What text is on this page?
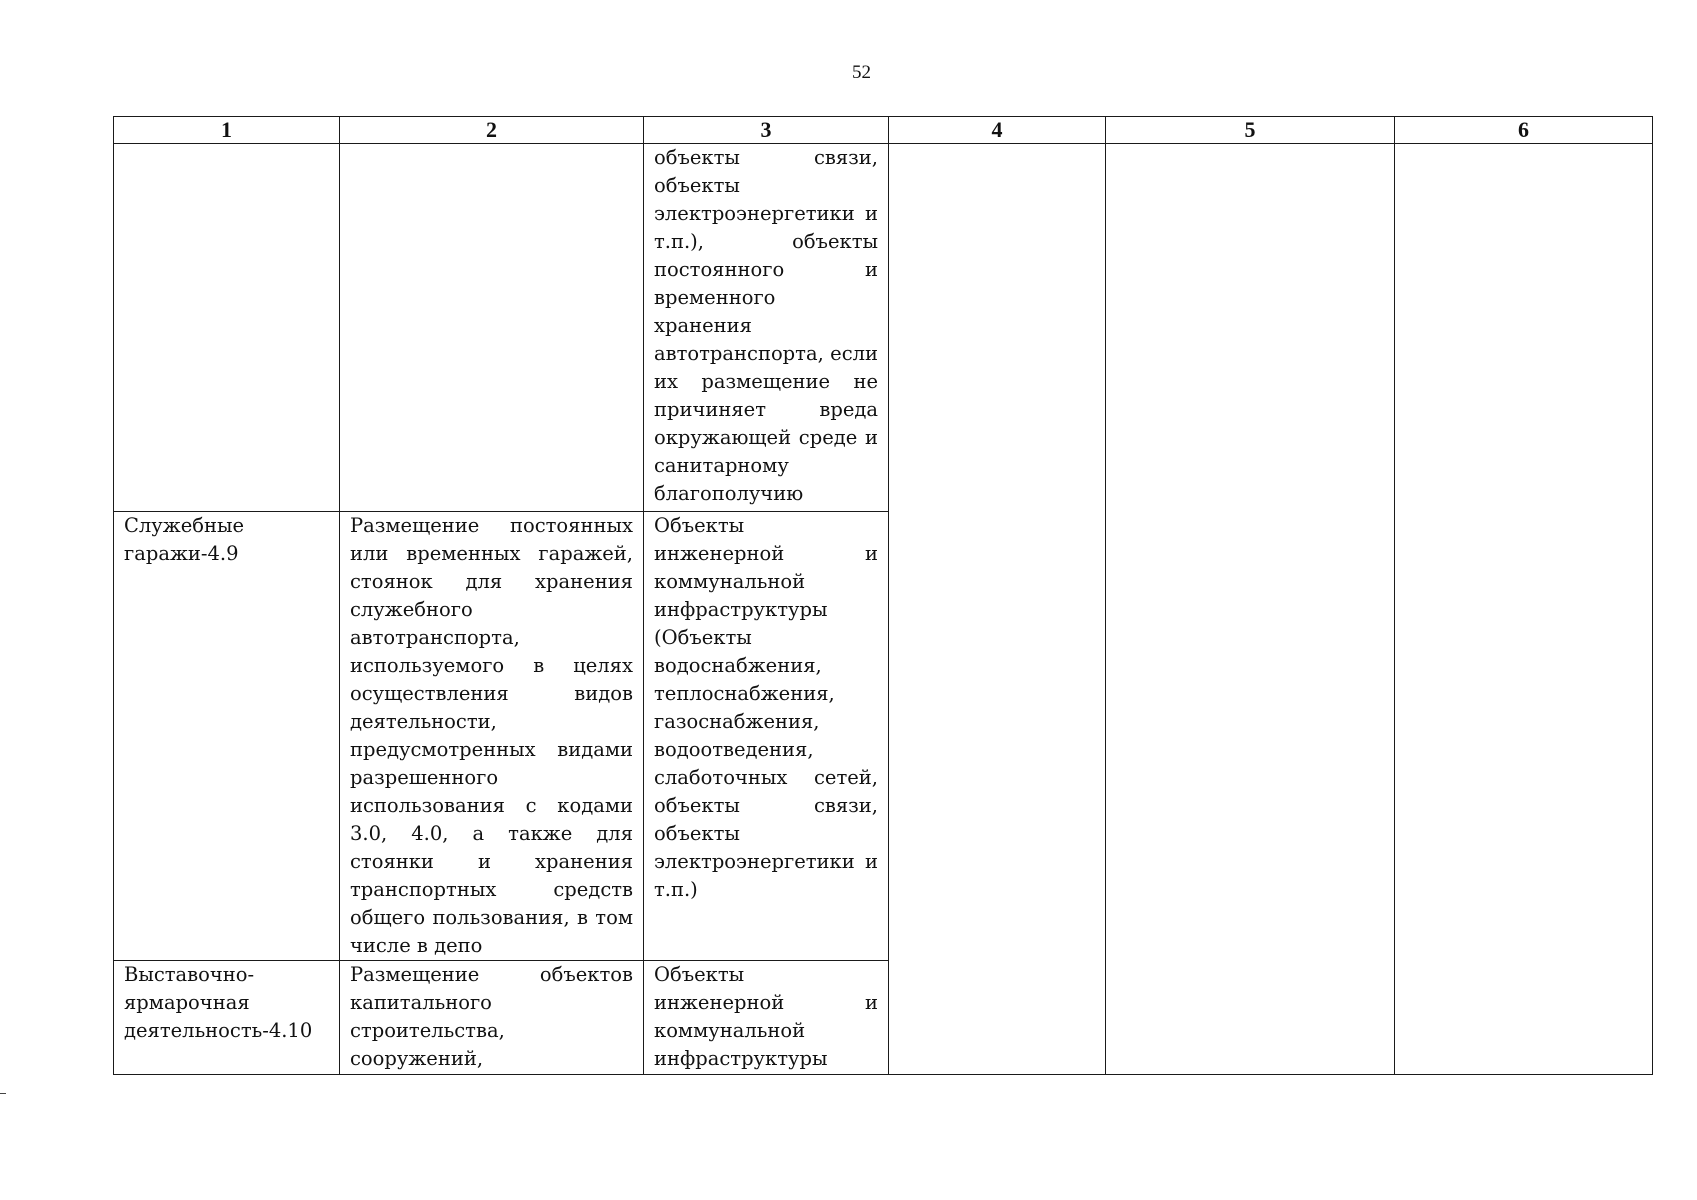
52
1	2	3	4	5	6

		объекты связи, объекты электроэнергетики и т.п.), объекты постоянного и временного хранения автотранспорта, если их размещение не причиняет вреда окружающей среде и санитарному благополучию			

Служебные гаражи-4.9	Размещение постоянных или временных гаражей, стоянок для хранения служебного автотранспорта, используемого в целях осуществления видов деятельности, предусмотренных видами разрешенного использования с кодами 3.0, 4.0, а также для стоянки и хранения транспортных средств общего пользования, в том числе в депо	Объекты инженерной и коммунальной инфраструктуры (Объекты водоснабжения, теплоснабжения, газоснабжения, водоотведения, слаботочных сетей, объекты связи, объекты электроэнергетики и т.п.)			

Выставочно-ярмарочная деятельность-4.10	Размещение объектов капитального строительства, сооружений,	Объекты инженерной и коммунальной инфраструктуры			
